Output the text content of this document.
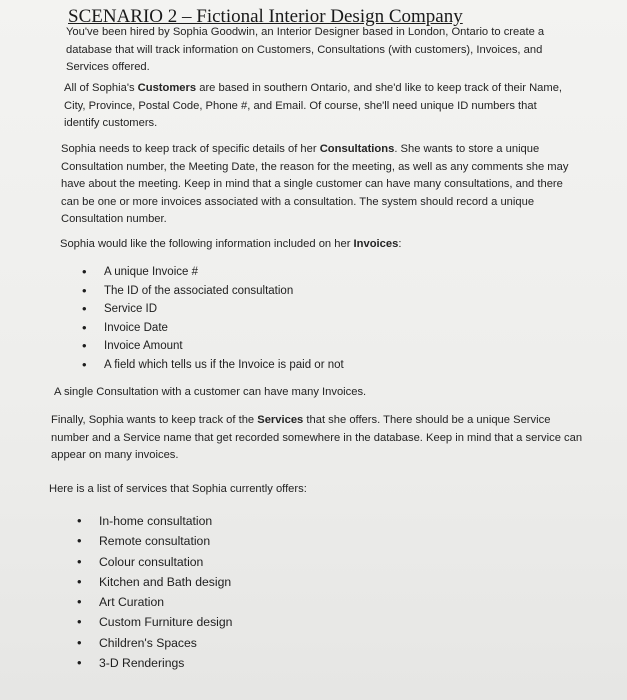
SCENARIO 2 – Fictional Interior Design Company

You've been hired by Sophia Goodwin, an Interior Designer based in London, Ontario to create a database that will track information on Customers, Consultations (with customers), Invoices, and Services offered.

All of Sophia's Customers are based in southern Ontario, and she'd like to keep track of their Name, City, Province, Postal Code, Phone #, and Email. Of course, she'll need unique ID numbers that identify customers.

Sophia needs to keep track of specific details of her Consultations. She wants to store a unique Consultation number, the Meeting Date, the reason for the meeting, as well as any comments she may have about the meeting. Keep in mind that a single customer can have many consultations, and there can be one or more invoices associated with a consultation. The system should record a unique Consultation number.

Sophia would like the following information included on her Invoices:

• A unique Invoice #
• The ID of the associated consultation
• Service ID
• Invoice Date
• Invoice Amount
• A field which tells us if the Invoice is paid or not

A single Consultation with a customer can have many Invoices.

Finally, Sophia wants to keep track of the Services that she offers. There should be a unique Service number and a Service name that get recorded somewhere in the database. Keep in mind that a service can appear on many invoices.

Here is a list of services that Sophia currently offers:

• In-home consultation
• Remote consultation
• Colour consultation
• Kitchen and Bath design
• Art Curation
• Custom Furniture design
• Children's Spaces
• 3-D Renderings
